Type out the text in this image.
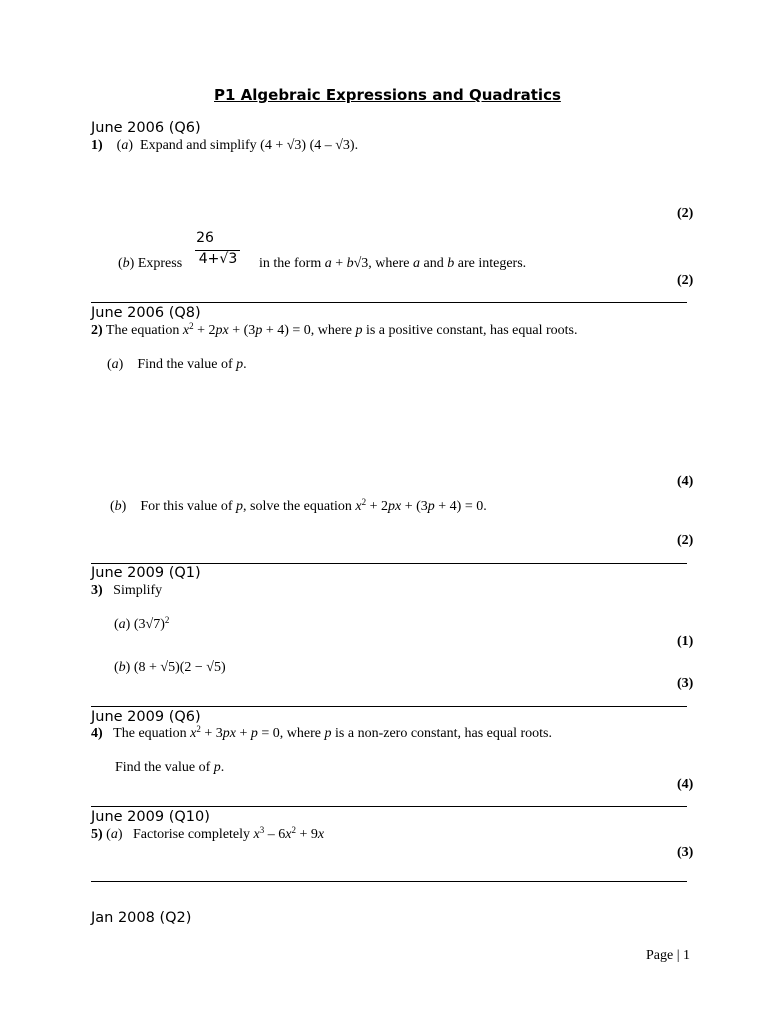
P1 Algebraic Expressions and Quadratics
June 2006 (Q6)
1)    (a)  Expand and simplify (4 + √3) (4 – √3).
(2)
26
4+√3
(b) Express	in the form a + b√3, where a and b are integers.
(2)
June 2006 (Q8)
2) The equation $x^2 + 2px + (3p + 4) = 0$, where p is a positive constant, has equal roots.
(a)    Find the value of p.
(4)
(b)    For this value of p, solve the equation $x^2 + 2px + (3p + 4) = 0$.
(2)
June 2009 (Q1)
3) Simplify
(a) $(3√7)^2$
(1)
(b) (8 + √5)(2 − √5)
(3)
June 2009 (Q6)
4) The equation $x^2 + 3px + p = 0$, where p is a non-zero constant, has equal roots.
Find the value of p.
(4)
June 2009 (Q10)
5) (a)   Factorise completely $x^3 - 6x^2 + 9x$
(3)
Jan 2008 (Q2)
Page | 1
